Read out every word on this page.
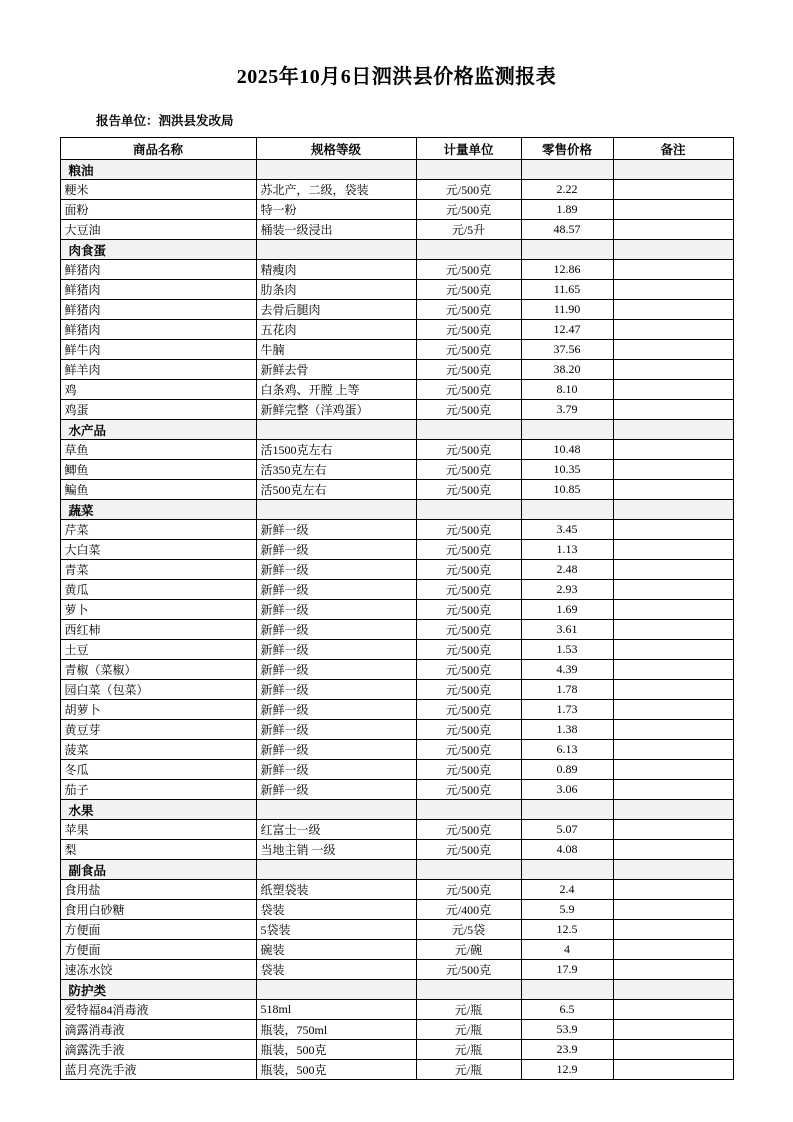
2025年10月6日泗洪县价格监测报表
报告单位：泗洪县发改局
商品名称	规格等级	计量单位	零售价格	备注
粮油				
粳米	苏北产，二级，袋装	元/500克	2.22	
面粉	特一粉	元/500克	1.89	
大豆油	桶装一级浸出	元/5升	48.57	
肉食蛋				
鲜猪肉	精瘦肉	元/500克	12.86	
鲜猪肉	肋条肉	元/500克	11.65	
鲜猪肉	去骨后腿肉	元/500克	11.90	
鲜猪肉	五花肉	元/500克	12.47	
鲜牛肉	牛腩	元/500克	37.56	
鲜羊肉	新鲜去骨	元/500克	38.20	
鸡	白条鸡、开膛 上等	元/500克	8.10	
鸡蛋	新鲜完整（洋鸡蛋）	元/500克	3.79	
水产品				
草鱼	活1500克左右	元/500克	10.48	
鲫鱼	活350克左右	元/500克	10.35	
鳊鱼	活500克左右	元/500克	10.85	
蔬菜				
芹菜	新鲜一级	元/500克	3.45	
大白菜	新鲜一级	元/500克	1.13	
青菜	新鲜一级	元/500克	2.48	
黄瓜	新鲜一级	元/500克	2.93	
萝卜	新鲜一级	元/500克	1.69	
西红柿	新鲜一级	元/500克	3.61	
土豆	新鲜一级	元/500克	1.53	
青椒（菜椒）	新鲜一级	元/500克	4.39	
园白菜（包菜）	新鲜一级	元/500克	1.78	
胡萝卜	新鲜一级	元/500克	1.73	
黄豆芽	新鲜一级	元/500克	1.38	
菠菜	新鲜一级	元/500克	6.13	
冬瓜	新鲜一级	元/500克	0.89	
茄子	新鲜一级	元/500克	3.06	
水果				
苹果	红富士一级	元/500克	5.07	
梨	当地主销 一级	元/500克	4.08	
副食品				
食用盐	纸塑袋装	元/500克	2.4	
食用白砂糖	袋装	元/400克	5.9	
方便面	5袋装	元/5袋	12.5	
方便面	碗装	元/碗	4	
速冻水饺	袋装	元/500克	17.9	
防护类				
爱特福84消毒液	518ml	元/瓶	6.5	
滴露消毒液	瓶装，750ml	元/瓶	53.9	
滴露洗手液	瓶装，500克	元/瓶	23.9	
蓝月亮洗手液	瓶装，500克	元/瓶	12.9	
